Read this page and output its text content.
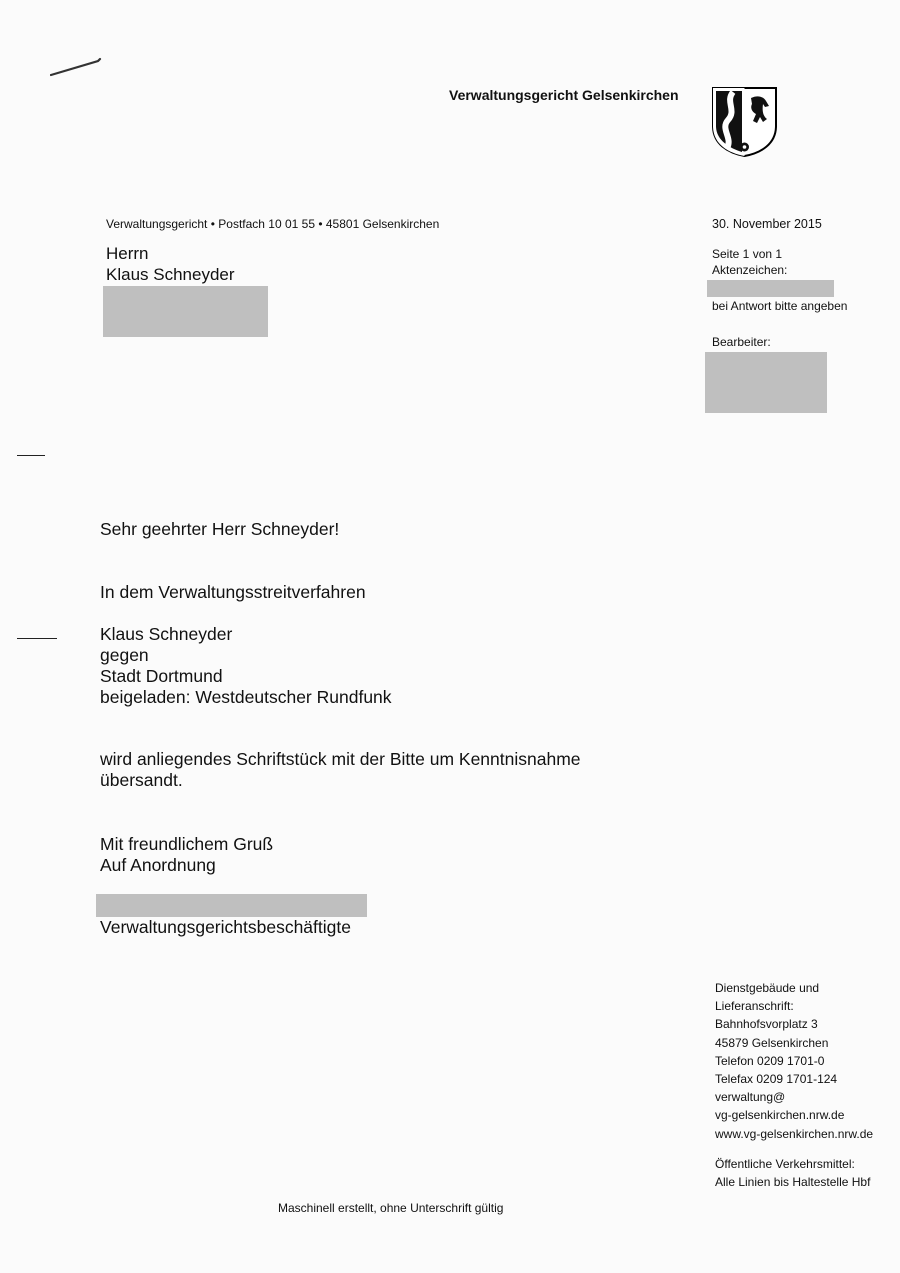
Verwaltungsgericht Gelsenkirchen
Verwaltungsgericht • Postfach 10 01 55 • 45801 Gelsenkirchen	30. November 2015
Herrn
Klaus Schneyder
Seite 1 von 1
Aktenzeichen:
bei Antwort bitte angeben
Bearbeiter:
Sehr geehrter Herr Schneyder!
In dem Verwaltungsstreitverfahren
Klaus Schneyder
gegen
Stadt Dortmund
beigeladen: Westdeutscher Rundfunk
wird anliegendes Schriftstück mit der Bitte um Kenntnisnahme
übersandt.
Mit freundlichem Gruß
Auf Anordnung
Verwaltungsgerichtsbeschäftigte
Dienstgebäude und
Lieferanschrift:
Bahnhofsvorplatz 3
45879 Gelsenkirchen
Telefon 0209 1701-0
Telefax 0209 1701-124
verwaltung@
vg-gelsenkirchen.nrw.de
www.vg-gelsenkirchen.nrw.de
Öffentliche Verkehrsmittel:
Alle Linien bis Haltestelle Hbf
Maschinell erstellt, ohne Unterschrift gültig
